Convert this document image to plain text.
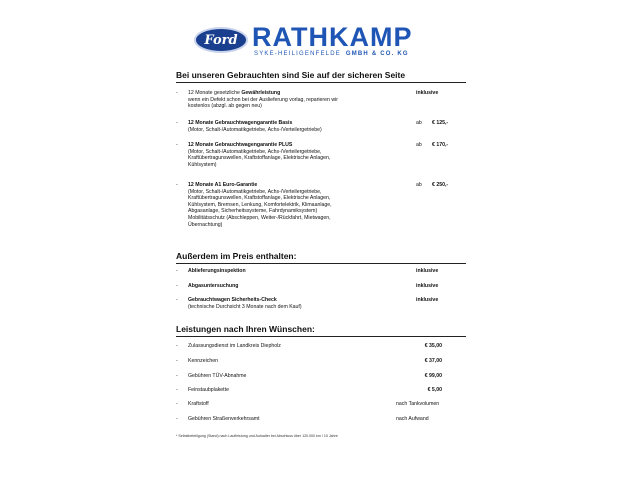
Ford RATHKAMP
SYKE-HEILIGENFELDE GMBH & CO. KG
Bei unseren Gebrauchten sind Sie auf der sicheren Seite
- 12 Monate gesetzliche Gewährleistung
wenn ein Defekt schon bei der Auslieferung vorlag, reparieren wir
kostenlos (abzgl. ab gegen neu)
inklusive
- 12 Monate Gebrauchtwagengarantie Basis
(Motor, Schalt-/Automatikgetriebe, Achs-/Verteilergetriebe)
ab € 125,-
- 12 Monate Gebrauchtwagengarantie PLUS
(Motor, Schalt-/Automatikgetriebe, Achs-/Verteilergetriebe,
Kraftübertragunswellen, Kraftstoffanlage, Elektrische Anlagen,
Kühlsystem)
ab € 170,-
- 12 Monate A1 Euro-Garantie
(Motor, Schalt-/Automatikgetriebe, Achs-/Verteilergetriebe,
Kraftübertragunswellen, Kraftstoffanlage, Elektrische Anlagen,
Kühlsystem, Bremsen, Lenkung, Komfortelektrik, Klimaanlage,
Abgasanlage, Sicherheitssysteme, Fahrdynamiksystem)
Mobilitätsschutz (Abschleppen, Weiter-/Rückfahrt, Mietwagen,
Übernachtung)
ab € 250,-
Außerdem im Preis enthalten:
- Ablieferungsinspektion	inklusive
- Abgasuntersuchung	inklusive
- Gebrauchtwagen Sicherheits-Check
(technische Durchsicht 3 Monate nach dem Kauf)
inklusive
Leistungen nach Ihren Wünschen:
- Zulassungsdienst im Landkreis Diepholz	€ 35,00
- Kennzeichen	€ 37,00
- Gebühren TÜV-Abnahme	€ 99,00
- Feinstaubplakette	€ 5,00
- Kraftstoff	nach Tankvolumen
- Gebühren Straßenverkehrsamt	nach Aufwand
* Selbstbeteiligung (Stand) nach Laufleistung und Autoalter bei Abschluss über 120.000 km / 10 Jahre
